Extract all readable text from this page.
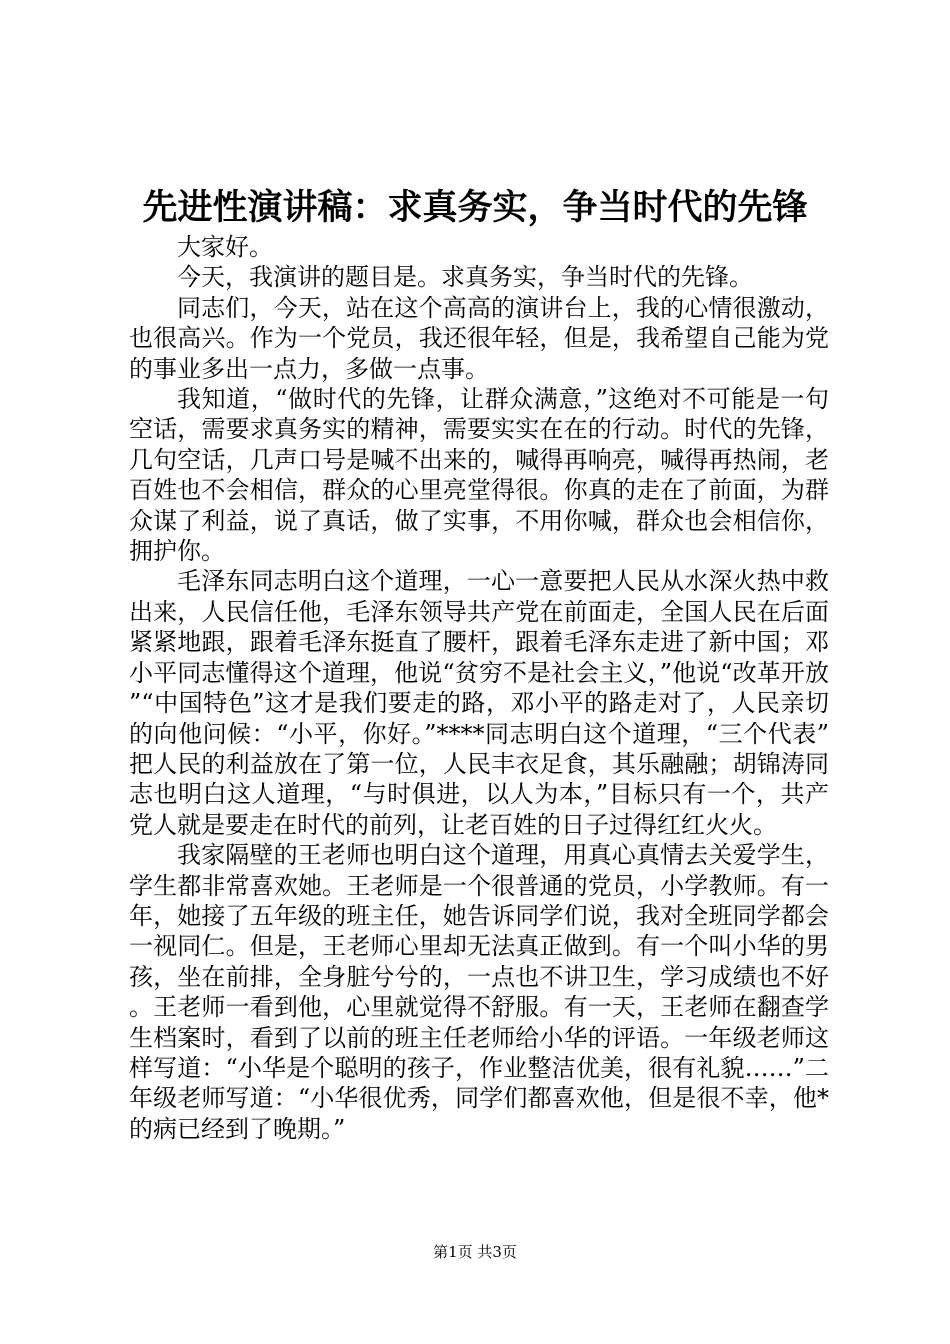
先进性演讲稿：求真务实，争当时代的先锋

大家好。

今天，我演讲的题目是。求真务实，争当时代的先锋。

同志们，今天，站在这个高高的演讲台上，我的心情很激动，也很高兴。作为一个党员，我还很年轻，但是，我希望自己能为党的事业多出一点力，多做一点事。

我知道，“做时代的先锋，让群众满意，”这绝对不可能是一句空话，需要求真务实的精神，需要实实在在的行动。时代的先锋，几句空话，几声口号是喊不出来的，喊得再响亮，喊得再热闹，老百姓也不会相信，群众的心里亮堂得很。你真的走在了前面，为群众谋了利益，说了真话，做了实事，不用你喊，群众也会相信你，拥护你。

毛泽东同志明白这个道理，一心一意要把人民从水深火热中救出来，人民信任他，毛泽东领导共产党在前面走，全国人民在后面紧紧地跟，跟着毛泽东挺直了腰杆，跟着毛泽东走进了新中国；邓小平同志懂得这个道理，他说“贫穷不是社会主义，”他说“改革开放”“中国特色”这才是我们要走的路，邓小平的路走对了，人民亲切的向他问候：“小平，你好。”****同志明白这个道理，“三个代表”把人民的利益放在了第一位，人民丰衣足食，其乐融融；胡锦涛同志也明白这人道理，“与时俱进，以人为本，”目标只有一个，共产党人就是要走在时代的前列，让老百姓的日子过得红红火火。

我家隔壁的王老师也明白这个道理，用真心真情去关爱学生，学生都非常喜欢她。王老师是一个很普通的党员，小学教师。有一年，她接了五年级的班主任，她告诉同学们说，我对全班同学都会一视同仁。但是，王老师心里却无法真正做到。有一个叫小华的男孩，坐在前排，全身脏兮兮的，一点也不讲卫生，学习成绩也不好。王老师一看到他，心里就觉得不舒服。有一天，王老师在翻查学生档案时，看到了以前的班主任老师给小华的评语。一年级老师这样写道：“小华是个聪明的孩子，作业整洁优美，很有礼貌……”二年级老师写道：“小华很优秀，同学们都喜欢他，但是很不幸，他*的病已经到了晚期。”

第1页 共3页
